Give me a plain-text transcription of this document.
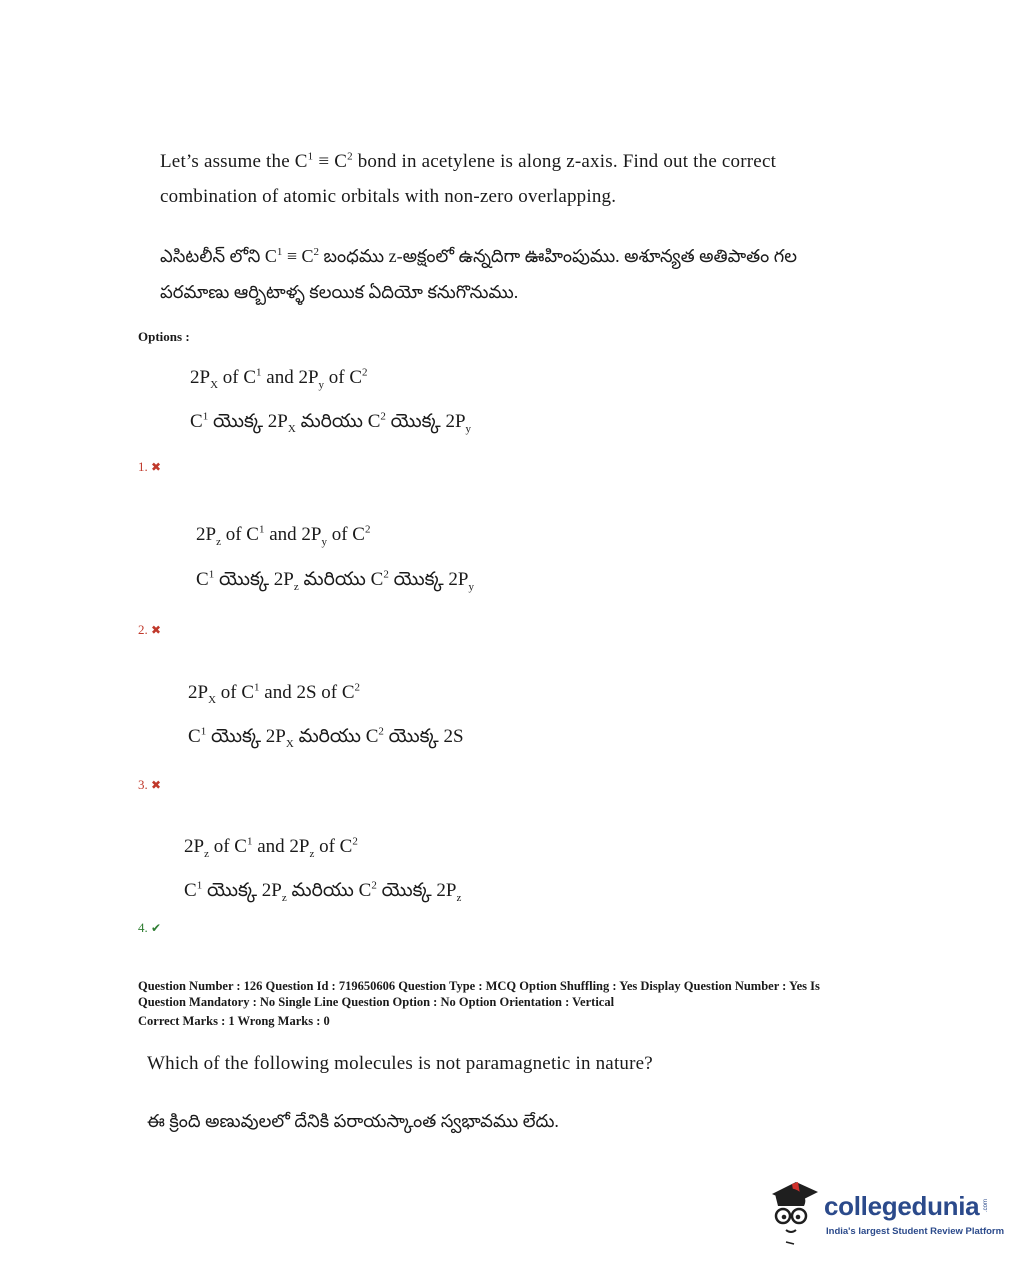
Let’s assume the $C^1 \equiv C^2$ bond in acetylene is along z-axis. Find out the correct
combination of atomic orbitals with non-zero overlapping.
ఎసిటలీన్ లోని $C^1 \equiv C^2$ బంధము z-అక్షంలో ఉన్నదిగా ఊహింపుము. అశూన్యత అతిపాతం గల
పరమాణు ఆర్బిటాళ్ళ కలయిక ఏదియో కనుగొనుము.
Options :
$2P_X$ of $C^1$ and $2P_y$ of $C^2$
$C^1$ యొక్క $2P_X$ మరియు $C^2$ యొక్క $2P_y$
1. ✖
$2P_z$ of $C^1$ and $2P_y$ of $C^2$
$C^1$ యొక్క $2P_z$ మరియు $C^2$ యొక్క $2P_y$
2. ✖
$2P_X$ of $C^1$ and 2S of $C^2$
$C^1$ యొక్క $2P_X$ మరియు $C^2$ యొక్క 2S
3. ✖
$2P_z$ of $C^1$ and $2P_z$ of $C^2$
$C^1$ యొక్క $2P_z$ మరియు $C^2$ యొక్క $2P_z$
4. ✔
Question Number : 126 Question Id : 719650606 Question Type : MCQ Option Shuffling : Yes Display Question Number : Yes Is
Question Mandatory : No Single Line Question Option : No Option Orientation : Vertical
Correct Marks : 1 Wrong Marks : 0
Which of the following molecules is not paramagnetic in nature?
ఈ క్రింది అణువులలో దేనికి పరాయస్కాంత స్వభావము లేదు.
collegedunia .com
India's largest Student Review Platform
